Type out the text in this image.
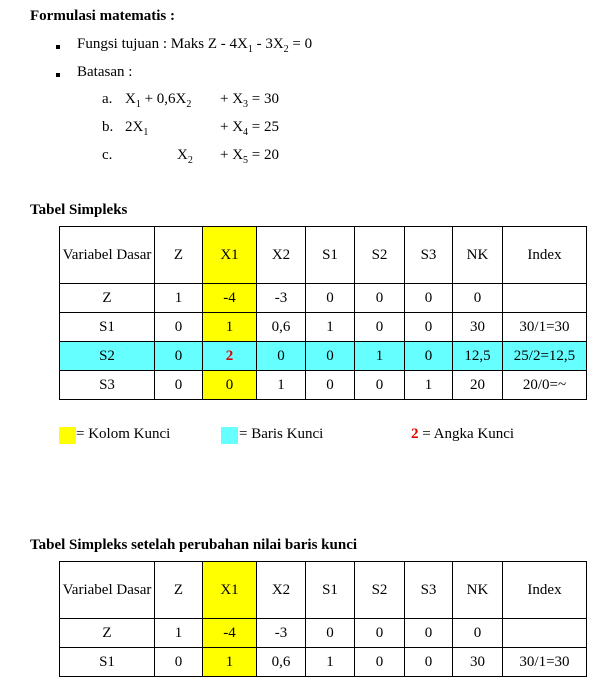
Formulasi matematis :
Fungsi tujuan : Maks $Z - 4X_1 - 3X_2 = 0$
Batasan :
a. $X_1 + 0,6X_2 + X_3 = 30$
b. $2X_1$	+ $X_4 = 25$
c.	$X_2 + X_5 = 20$
Tabel Simpleks
Variabel Dasar	Z	X1	X2	S1	S2	S3	NK	Index
Z	1	-4	-3	0	0	0	0	
S1	0	1	0,6	1	0	0	30	30/1=30
S2	0	2	0	0	1	0	12,5	25/2=12,5
S3	0	0	1	0	0	1	20	20/0=~
= Kolom Kunci	= Baris Kunci	2 = Angka Kunci
Tabel Simpleks setelah perubahan nilai baris kunci
Variabel Dasar	Z	X1	X2	S1	S2	S3	NK	Index
Z	1	-4	-3	0	0	0	0	
S1	0	1	0,6	1	0	0	30	30/1=30
